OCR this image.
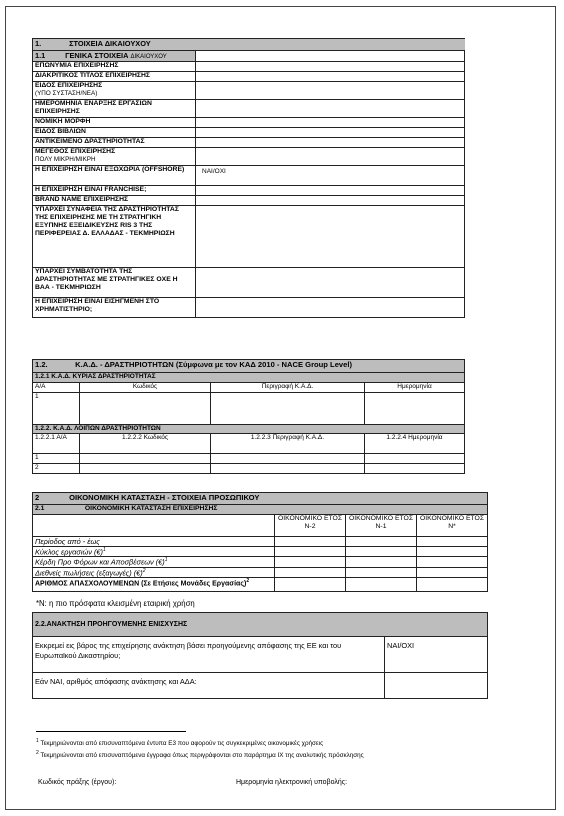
1. ΣΤΟΙΧΕΙΑ ΔΙΚΑΙΟΥΧΟΥ	
1.1 ΓΕΝΙΚΑ ΣΤΟΙΧΕΙΑ ΔΙΚΑΙΟΥΧΟΥ	
ΕΠΩΝΥΜΙΑ ΕΠΙΧΕΙΡΗΣΗΣ	
ΔΙΑΚΡΙΤΙΚΟΣ ΤΙΤΛΟΣ ΕΠΙΧΕΙΡΗΣΗΣ	
ΕΙΔΟΣ ΕΠΙΧΕΙΡΗΣΗΣ
(ΥΠΟ ΣΥΣΤΑΣΗ/ΝΕΑ)	

ΗΜΕΡΟΜΗΝΙΑ ΕΝΑΡΞΗΣ ΕΡΓΑΣΙΩΝ ΕΠΙΧΕΙΡΗΣΗΣ	
ΝΟΜΙΚΗ ΜΟΡΦΗ	
ΕΙΔΟΣ ΒΙΒΛΙΩΝ	
ΑΝΤΙΚΕΙΜΕΝΟ ΔΡΑΣΤΗΡΙΟΤΗΤΑΣ	
ΜΕΓΕΘΟΣ ΕΠΙΧΕΙΡΗΣΗΣ
ΠΟΛΥ ΜΙΚΡΗ/ΜΙΚΡΗ	

Η ΕΠΙΧΕΙΡΗΣΗ ΕΙΝΑΙ ΕΞΩΧΩΡΙΑ (OFFSHORE)	ΝΑΙ/ΟΧΙ
Η ΕΠΙΧΕΙΡΗΣΗ ΕΙΝΑΙ FRANCHISE;	
BRAND NAME ΕΠΙΧΕΙΡΗΣΗΣ	
ΥΠΑΡΧΕΙ ΣΥΝΑΦΕΙΑ ΤΗΣ ΔΡΑΣΤΗΡΙΟΤΗΤΑΣ ΤΗΣ ΕΠΙΧΕΙΡΗΣΗΣ ΜΕ ΤΗ ΣΤΡΑΤΗΓΙΚΗ ΕΞΥΠΝΗΣ ΕΞΕΙΔΙΚΕΥΣΗΣ RIS 3 ΤΗΣ ΠΕΡΙΦΕΡΕΙΑΣ Δ. ΕΛΛΑΔΑΣ - ΤΕΚΜΗΡΙΩΣΗ	
ΥΠΑΡΧΕΙ ΣΥΜΒΑΤΟΤΗΤΑ ΤΗΣ ΔΡΑΣΤΗΡΙΟΤΗΤΑΣ ΜΕ ΣΤΡΑΤΗΓΙΚΕΣ ΟΧΕ Η ΒΑΑ - ΤΕΚΜΗΡΙΩΣΗ	
Η ΕΠΙΧΕΙΡΗΣΗ ΕΙΝΑΙ ΕΙΣΗΓΜΕΝΗ ΣΤΟ ΧΡΗΜΑΤΙΣΤΗΡΙΟ;	
1.2. Κ.Α.Δ. - ΔΡΑΣΤΗΡΙΟΤΗΤΩΝ (Σύμφωνα με τον ΚΑΔ 2010 - NACE Group Level)			
1.2.1 Κ.Α.Δ. ΚΥΡΙΑΣ ΔΡΑΣΤΗΡΙΟΤΗΤΑΣ			
Α/Α	Κωδικός	Περιγραφή Κ.Α.Δ.	Ημερομηνία
1			
1.2.2. Κ.Α.Δ. ΛΟΙΠΩΝ ΔΡΑΣΤΗΡΙΟΤΗΤΩΝ			
1.2.2.1 Α/Α	1.2.2.2 Κωδικός	1.2.2.3 Περιγραφή Κ.Α.Δ.	1.2.2.4 Ημερομηνία
1			
2			
2 ΟΙΚΟΝΟΜΙΚΗ ΚΑΤΑΣΤΑΣΗ - ΣΤΟΙΧΕΙΑ ΠΡΟΣΩΠΙΚΟΥ			
2.1 ΟΙΚΟΝΟΜΙΚΗ ΚΑΤΑΣΤΑΣΗ ΕΠΙΧΕΙΡΗΣΗΣ			
	ΟΙΚΟΝΟΜΙΚΟ ΕΤΟΣ Ν-2	ΟΙΚΟΝΟΜΙΚΟ ΕΤΟΣ Ν-1	ΟΙΚΟΝΟΜΙΚΟ ΕΤΟΣ Ν*
Περίοδος από - έως			
Κύκλος εργασιών (€)$^1$			
Κέρδη Προ Φόρων και Αποσβέσεων (€)$^1$			
Διεθνείς πωλήσεις (εξαγωγές) (€)$^2$			
ΑΡΙΘΜΟΣ ΑΠΑΣΧΟΛΟΥΜΕΝΩΝ (Σε Ετήσιες Μονάδες Εργασίας)$^2$			
*Ν: η πιο πρόσφατα κλεισμένη εταιρική χρήση
2.2.ΑΝΑΚΤΗΣΗ ΠΡΟΗΓΟΥΜΕΝΗΣ ΕΝΙΣΧΥΣΗΣ	
Εκκρεμεί εις βάρος της επιχείρησης ανάκτηση βάσει προηγούμενης απόφασης της ΕΕ και του Ευρωπαϊκού Δικαστηρίου;	ΝΑΙ/ΟΧΙ
Εάν ΝΑΙ, αριθμός απόφασης ανάκτησης και ΑΔΑ:	
$^1$ Τεκμηριώνονται από επισυναπτόμενα έντυπα Ε3 που αφορούν τις συγκεκριμένες οικονομικές χρήσεις
$^2$ Τεκμηριώνονται από επισυναπτόμενα έγγραφα όπως περιγράφονται στο παράρτημα IX της αναλυτικής πρόσκλησης
Κωδικός πράξης (έργου):	Ημερομηνία ηλεκτρονική υποβολής:
